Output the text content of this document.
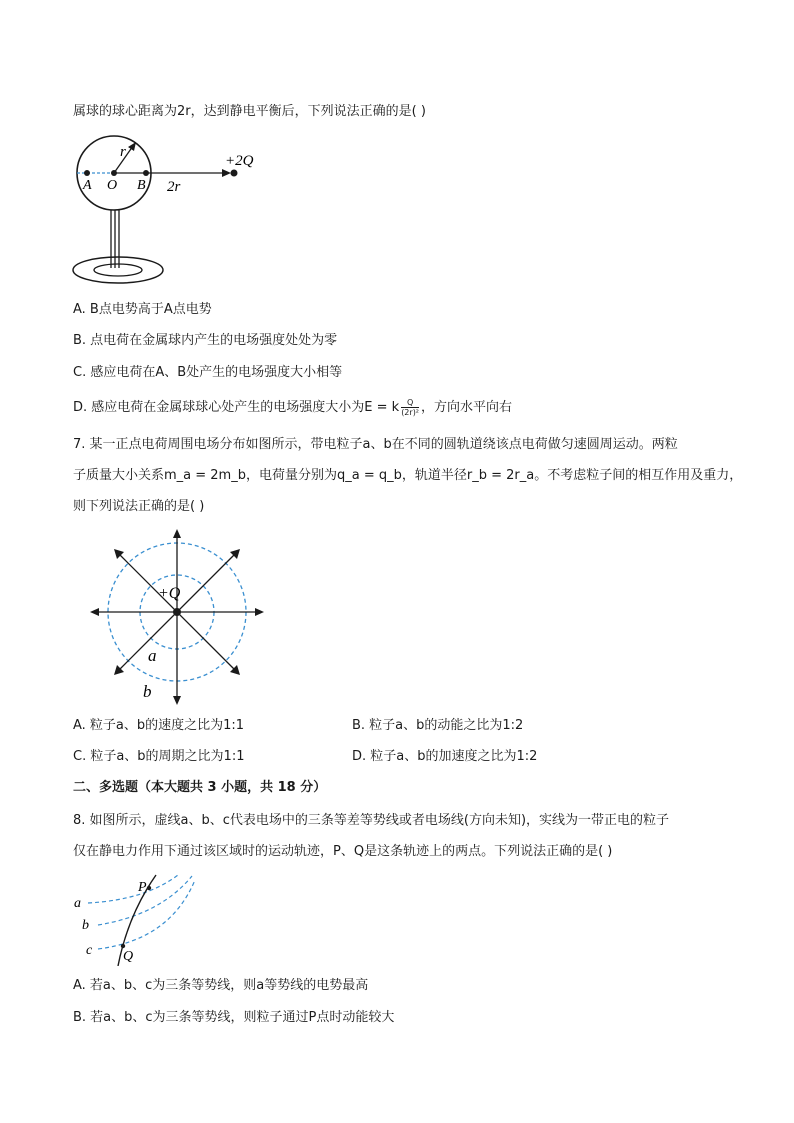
属球的球心距离为2r，达到静电平衡后，下列说法正确的是( )
r
A O B 2r
+2Q
A. B点电势高于A点电势
B. 点电荷在金属球内产生的电场强度处处为零
C. 感应电荷在A、B处产生的电场强度大小相等
D. 感应电荷在金属球球心处产生的电场强度大小为E = k $\frac{Q}{\text{(2r)²}}$ ，方向水平向右
7. 某一正点电荷周围电场分布如图所示，带电粒子a、b在不同的圆轨道绕该点电荷做匀速圆周运动。两粒
子质量大小关系m_a = 2m_b，电荷量分别为q_a = q_b，轨道半径r_b = 2r_a。不考虑粒子间的相互作用及重力，
则下列说法正确的是( )
+Q
a
b
A. 粒子a、b的速度之比为1:1	B. 粒子a、b的动能之比为1:2
C. 粒子a、b的周期之比为1:1	D. 粒子a、b的加速度之比为1:2
二、多选题（本大题共 3 小题，共 18 分）
8. 如图所示，虚线a、b、c代表电场中的三条等差等势线或者电场线(方向未知)，实线为一带正电的粒子
仅在静电力作用下通过该区域时的运动轨迹，P、Q是这条轨迹上的两点。下列说法正确的是( )
a
b
c
P
Q
A. 若a、b、c为三条等势线，则a等势线的电势最高
B. 若a、b、c为三条等势线，则粒子通过P点时动能较大
